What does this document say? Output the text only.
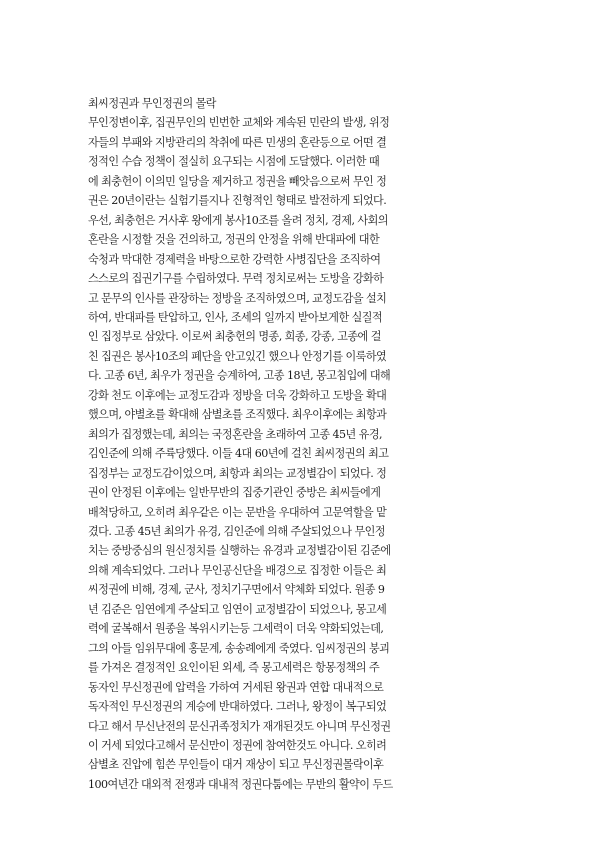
최씨정권과 무인정권의 몰락
무인정변이후, 집권무인의 빈번한 교체와 계속된 민란의 발생, 위정
자들의 부패와 지방관리의 착취에 따른 민생의 혼란등으로 어떤 결
정적인 수습 정책이 절실히 요구되는 시점에 도달했다. 이러한 때
에 최충헌이 이의민 일당을 제거하고 정권을 빼앗음으로써 무인 정
권은 20년이란는 실험기를지나 진형적인 형태로 발전하게 되었다.
우선, 최충헌은 거사후 왕에게 봉사10조를 올려 정치, 경제, 사회의
혼란을 시정할 것을 건의하고, 정권의 안정을 위해 반대파에 대한
숙청과 막대한 경제력을 바탕으로한 강력한 사병집단을 조직하여
스스로의 집권기구를 수립하였다. 무력 정치로써는 도방을 강화하
고 문무의 인사를 관장하는 정방을 조직하였으며, 교정도감을 설치
하여, 반대파를 탄압하고, 인사, 조세의 일까지 받아보게한 실질적
인 집정부로 삼았다. 이로써 최충헌의 명종, 희종, 강종, 고종에 걸
친 집권은 봉사10조의 폐단을 안고있긴 했으나 안정기를 이룩하였
다. 고종 6년, 최우가 정권을 승계하여, 고종 18년, 몽고침입에 대해
강화 천도 이후에는 교정도감과 정방을 더욱 강화하고 도방을 확대
했으며, 야별초를 확대해 삼별초를 조직했다. 최우이후에는 최항과
최의가 집정했는데, 최의는 국정혼란을 초래하여 고종 45년 유경,
김인준에 의해 주륙당했다. 이들 4대 60년에 걸친 최씨정권의 최고
집정부는 교정도감이었으며, 최항과 최의는 교정별감이 되었다. 정
권이 안정된 이후에는 일반무반의 집중기관인 중방은 최씨들에게
배척당하고, 오히려 최우같은 이는 문반을 우대하여 고문역할을 맡
겼다. 고종 45년 최의가 유경, 김인준에 의해 주살되었으나 무인정
치는 중방중심의 원신정치를 실행하는 유경과 교정별감이된 김준에
의해 계속되었다. 그러나 무인공신단을 배경으로 집정한 이들은 최
씨정권에 비해, 경제, 군사, 정치기구면에서 약체화 되었다. 원종 9
년 김준은 임연에게 주살되고 임연이 교정별감이 되었으나, 몽고세
력에 굴복해서 원종을 복위시키는등 그세력이 더욱 약화되었는데,
그의 아들 임위무대에 홍문계, 송송례에게 죽였다. 임씨정권의 붕괴
를 가져온 결정적인 요인이된 외세, 즉 몽고세력은 항몽정책의 주
동자인 무신정권에 압력을 가하여 거세된 왕권과 연합 대내적으로
독자적인 무신정권의 계승에 반대하였다. 그러나, 왕정이 복구되었
다고 해서 무신난전의 문신귀족정치가 재개된것도 아니며 무신정권
이 거세 되었다고해서 문신만이 정권에 참여한것도 아니다. 오히려
삼별초 진압에 힘쓴 무인들이 대거 재상이 되고 무신정권몰락이후
100여년간 대외적 전쟁과 대내적 정권다툼에는 무반의 활약이 두드
